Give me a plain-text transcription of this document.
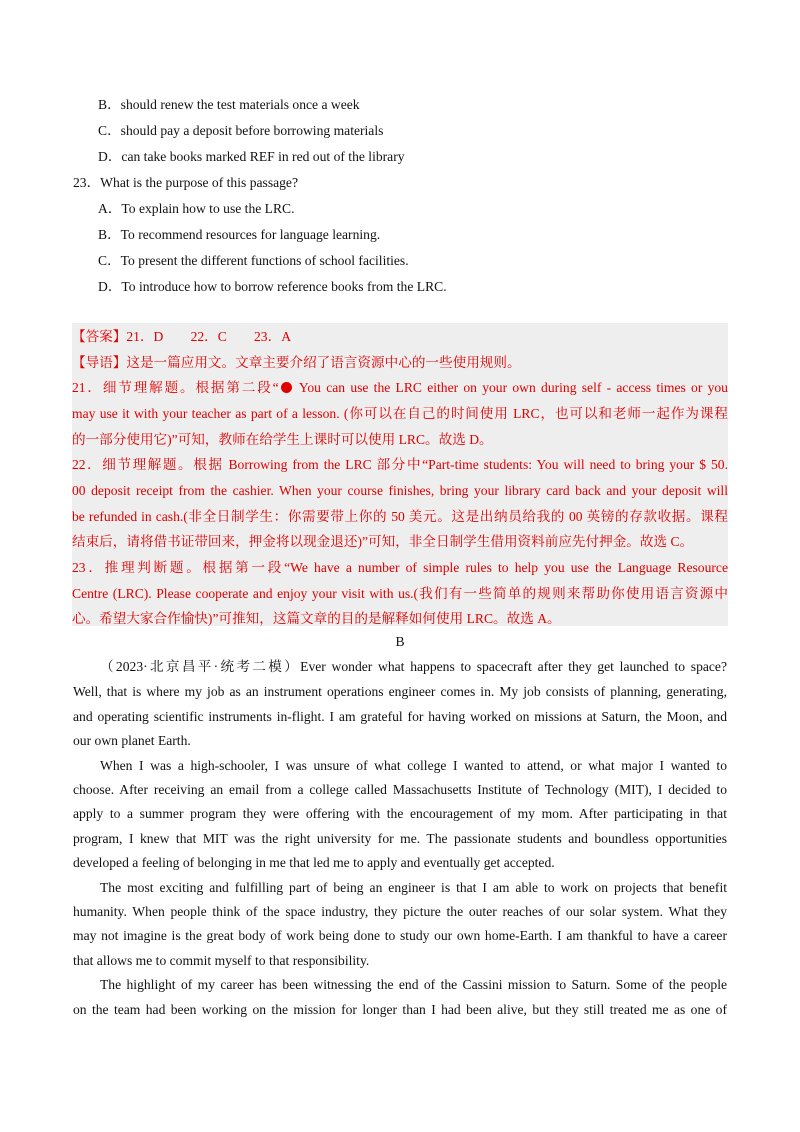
B．should renew the test materials once a week
C．should pay a deposit before borrowing materials
D．can take books marked REF in red out of the library
23．What is the purpose of this passage?
A．To explain how to use the LRC.
B．To recommend resources for language learning.
C．To present the different functions of school facilities.
D．To introduce how to borrow reference books from the LRC.
【答案】21．D　　22．C　　23．A
【导语】这是一篇应用文。文章主要介绍了语言资源中心的一些使用规则。
21．细节理解题。根据第二段“ You can use the LRC either on your own during self - access times or you
may use it with your teacher as part of a lesson. (你可以在自己的时间使用 LRC，也可以和老师一起作为课程
的一部分使用它)”可知，教师在给学生上课时可以使用 LRC。故选 D。
22．细节理解题。根据 Borrowing from the LRC 部分中“Part-time students: You will need to bring your $ 50.
00 deposit receipt from the cashier. When your course finishes, bring your library card back and your deposit will
be refunded in cash.(非全日制学生：你需要带上你的 50 美元。这是出纳员给我的 00 英镑的存款收据。课程
结束后，请将借书证带回来，押金将以现金退还)”可知，非全日制学生借用资料前应先付押金。故选 C。
23．推理判断题。根据第一段“We have a number of simple rules to help you use the Language Resource
Centre (LRC). Please cooperate and enjoy your visit with us.(我们有一些简单的规则来帮助你使用语言资源中
心。希望大家合作愉快)”可推知，这篇文章的目的是解释如何使用 LRC。故选 A。
B
（2023·北京昌平·统考二模）Ever wonder what happens to spacecraft after they get launched to space?
Well, that is where my job as an instrument operations engineer comes in. My job consists of planning, generating,
and operating scientific instruments in-flight. I am grateful for having worked on missions at Saturn, the Moon, and
our own planet Earth.
When I was a high-schooler, I was unsure of what college I wanted to attend, or what major I wanted to
choose. After receiving an email from a college called Massachusetts Institute of Technology (MIT), I decided to
apply to a summer program they were offering with the encouragement of my mom. After participating in that
program, I knew that MIT was the right university for me. The passionate students and boundless opportunities
developed a feeling of belonging in me that led me to apply and eventually get accepted.
The most exciting and fulfilling part of being an engineer is that I am able to work on projects that benefit
humanity. When people think of the space industry, they picture the outer reaches of our solar system. What they
may not imagine is the great body of work being done to study our own home-Earth. I am thankful to have a career
that allows me to commit myself to that responsibility.
The highlight of my career has been witnessing the end of the Cassini mission to Saturn. Some of the people
on the team had been working on the mission for longer than I had been alive, but they still treated me as one of
